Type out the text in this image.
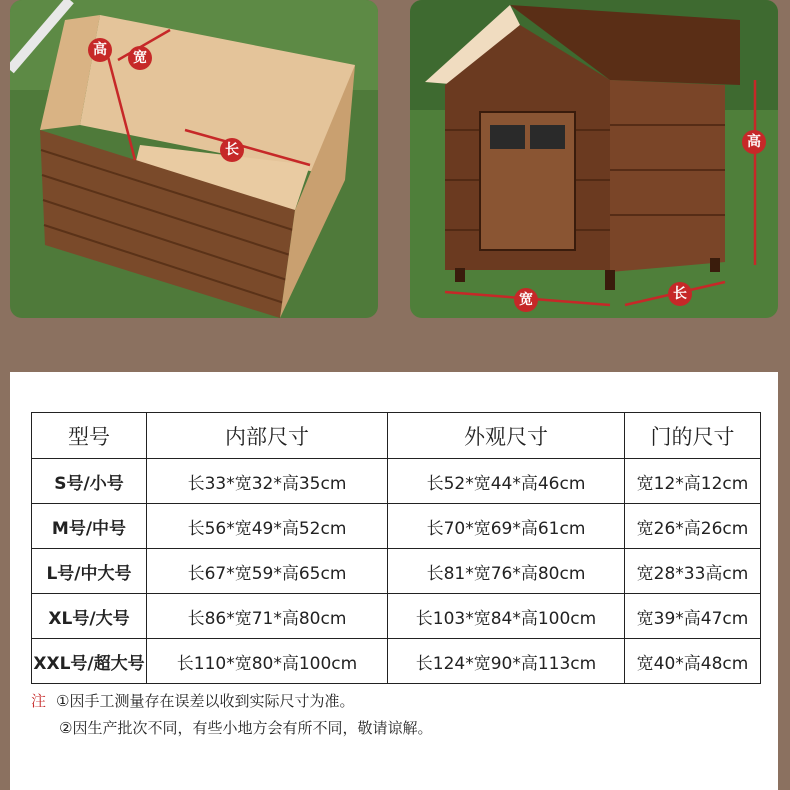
高	宽
长	高
宽	长
型号	内部尺寸	外观尺寸	门的尺寸
S号/小号	长33*宽32*高35cm	长52*宽44*高46cm	宽12*高12cm
M号/中号	长56*宽49*高52cm	长70*宽69*高61cm	宽26*高26cm
L号/中大号	长67*宽59*高65cm	长81*宽76*高80cm	宽28*33高cm
XL号/大号	长86*宽71*高80cm	长103*宽84*高100cm	宽39*高47cm
XXL号/超大号	长110*宽80*高100cm	长124*宽90*高113cm	宽40*高48cm
注 ①因手工测量存在误差以收到实际尺寸为准。
②因生产批次不同，有些小地方会有所不同，敬请谅解。
